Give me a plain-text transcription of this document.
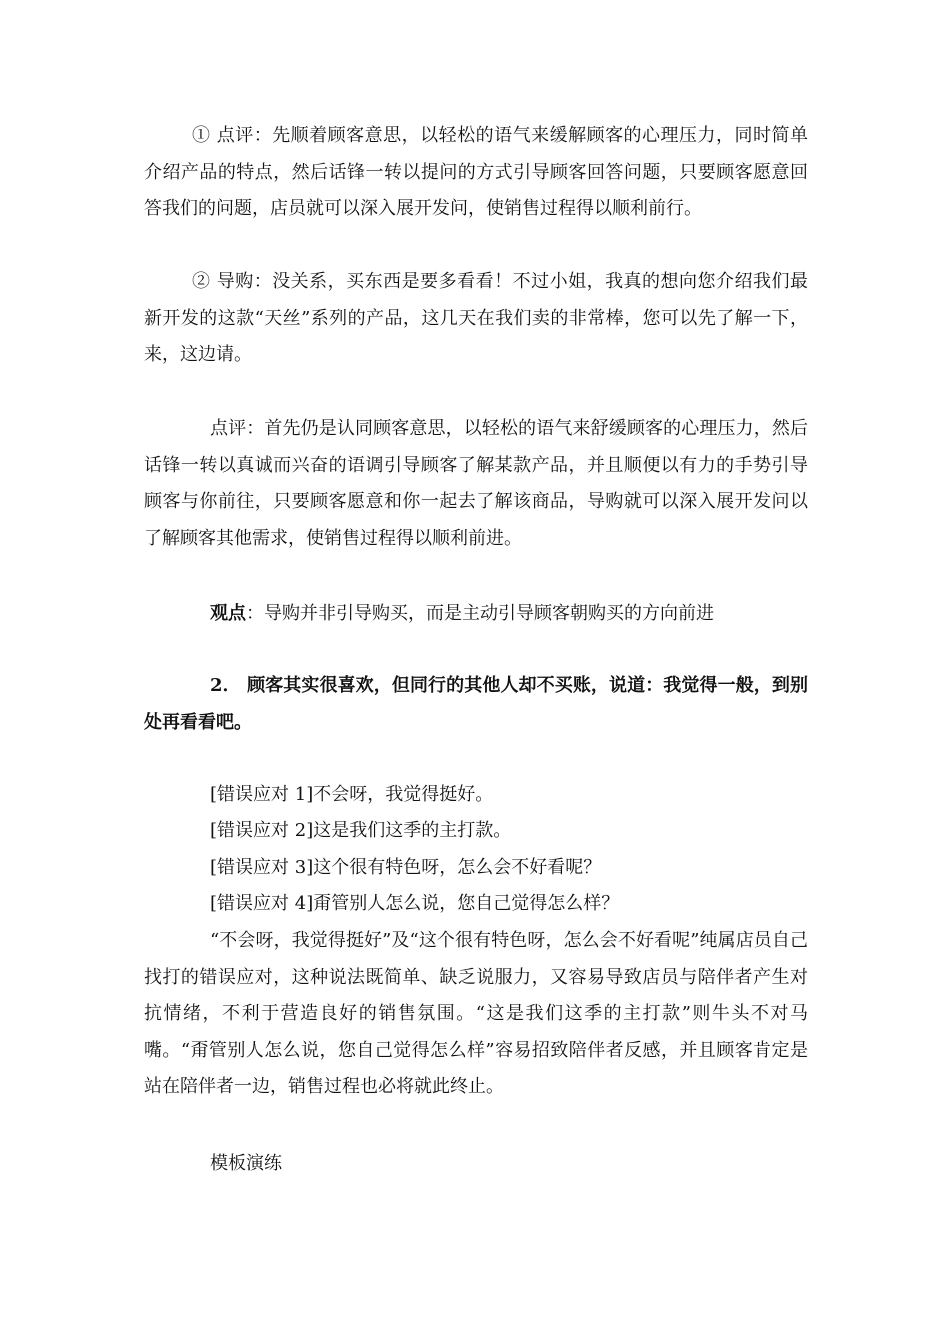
① 点评：先顺着顾客意思，以轻松的语气来缓解顾客的心理压力，同时简单介绍产品的特点，然后话锋一转以提问的方式引导顾客回答问题，只要顾客愿意回答我们的问题，店员就可以深入展开发问，使销售过程得以顺利前行。

② 导购：没关系，买东西是要多看看！不过小姐，我真的想向您介绍我们最新开发的这款“天丝”系列的产品，这几天在我们卖的非常棒，您可以先了解一下，来，这边请。

点评：首先仍是认同顾客意思，以轻松的语气来舒缓顾客的心理压力，然后话锋一转以真诚而兴奋的语调引导顾客了解某款产品，并且顺便以有力的手势引导顾客与你前往，只要顾客愿意和你一起去了解该商品，导购就可以深入展开发问以了解顾客其他需求，使销售过程得以顺利前进。

观点：导购并非引导购买，而是主动引导顾客朝购买的方向前进

2． 顾客其实很喜欢，但同行的其他人却不买账，说道：我觉得一般，到别处再看看吧。

[错误应对 1]不会呀，我觉得挺好。

[错误应对 2]这是我们这季的主打款。

[错误应对 3]这个很有特色呀，怎么会不好看呢？

[错误应对 4]甭管别人怎么说，您自己觉得怎么样？

“不会呀，我觉得挺好”及“这个很有特色呀，怎么会不好看呢”纯属店员自己找打的错误应对，这种说法既简单、缺乏说服力，又容易导致店员与陪伴者产生对抗情绪，不利于营造良好的销售氛围。“这是我们这季的主打款”则牛头不对马嘴。“甭管别人怎么说，您自己觉得怎么样”容易招致陪伴者反感，并且顾客肯定是站在陪伴者一边，销售过程也必将就此终止。

模板演练
